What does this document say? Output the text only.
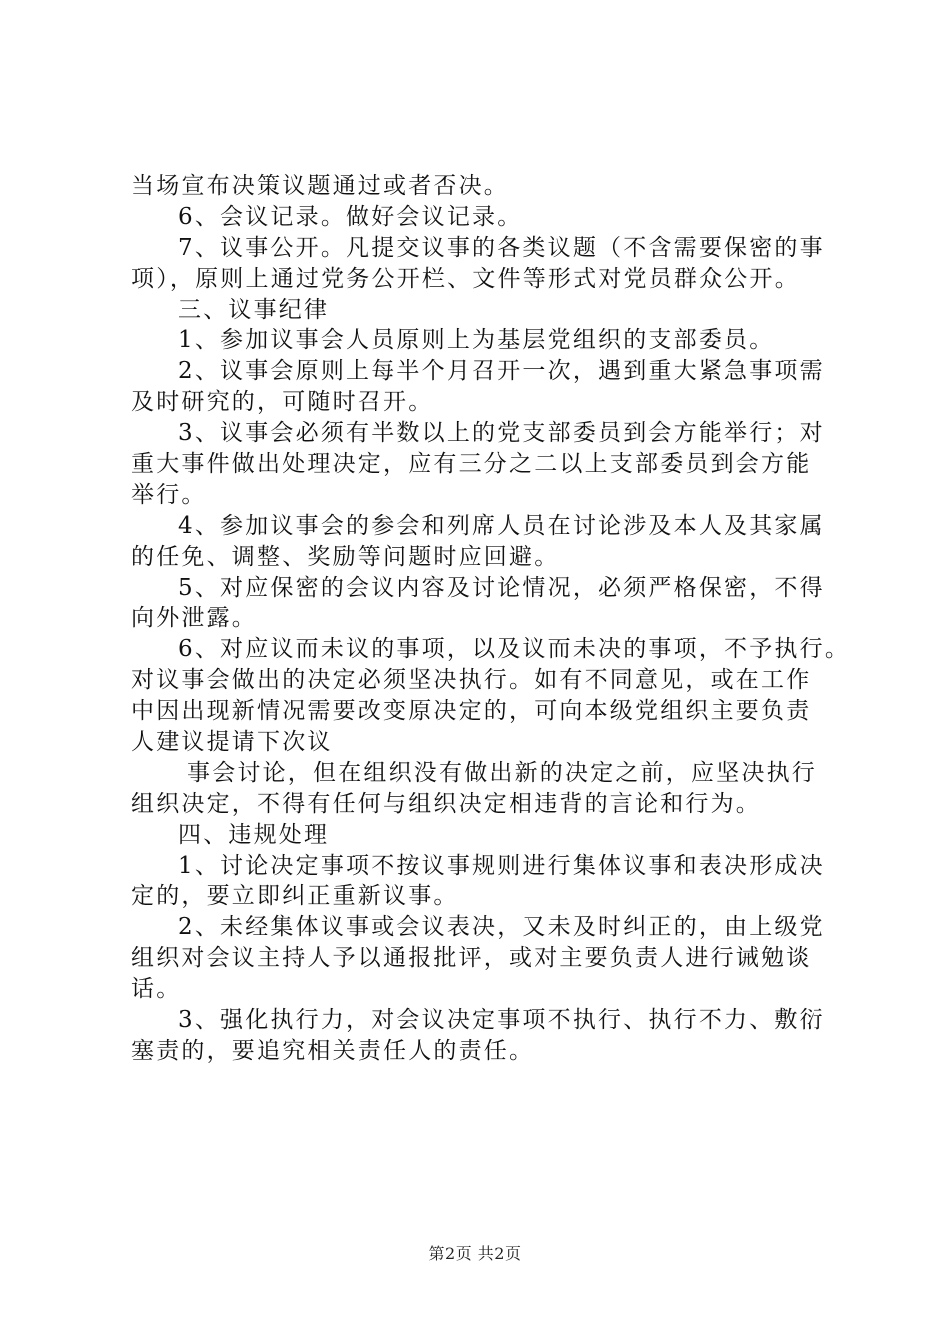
当场宣布决策议题通过或者否决。
6、会议记录。做好会议记录。
7、议事公开。凡提交议事的各类议题（不含需要保密的事
项），原则上通过党务公开栏、文件等形式对党员群众公开。
三、议事纪律
1、参加议事会人员原则上为基层党组织的支部委员。
2、议事会原则上每半个月召开一次，遇到重大紧急事项需
及时研究的，可随时召开。
3、议事会必须有半数以上的党支部委员到会方能举行；对
重大事件做出处理决定，应有三分之二以上支部委员到会方能
举行。
4、参加议事会的参会和列席人员在讨论涉及本人及其家属
的任免、调整、奖励等问题时应回避。
5、对应保密的会议内容及讨论情况，必须严格保密，不得
向外泄露。
6、对应议而未议的事项，以及议而未决的事项，不予执行。
对议事会做出的决定必须坚决执行。如有不同意见，或在工作
中因出现新情况需要改变原决定的，可向本级党组织主要负责
人建议提请下次议
事会讨论，但在组织没有做出新的决定之前，应坚决执行
组织决定，不得有任何与组织决定相违背的言论和行为。
四、违规处理
1、讨论决定事项不按议事规则进行集体议事和表决形成决
定的，要立即纠正重新议事。
2、未经集体议事或会议表决，又未及时纠正的，由上级党
组织对会议主持人予以通报批评，或对主要负责人进行诫勉谈
话。
3、强化执行力，对会议决定事项不执行、执行不力、敷衍
塞责的，要追究相关责任人的责任。
第2页 共2页
